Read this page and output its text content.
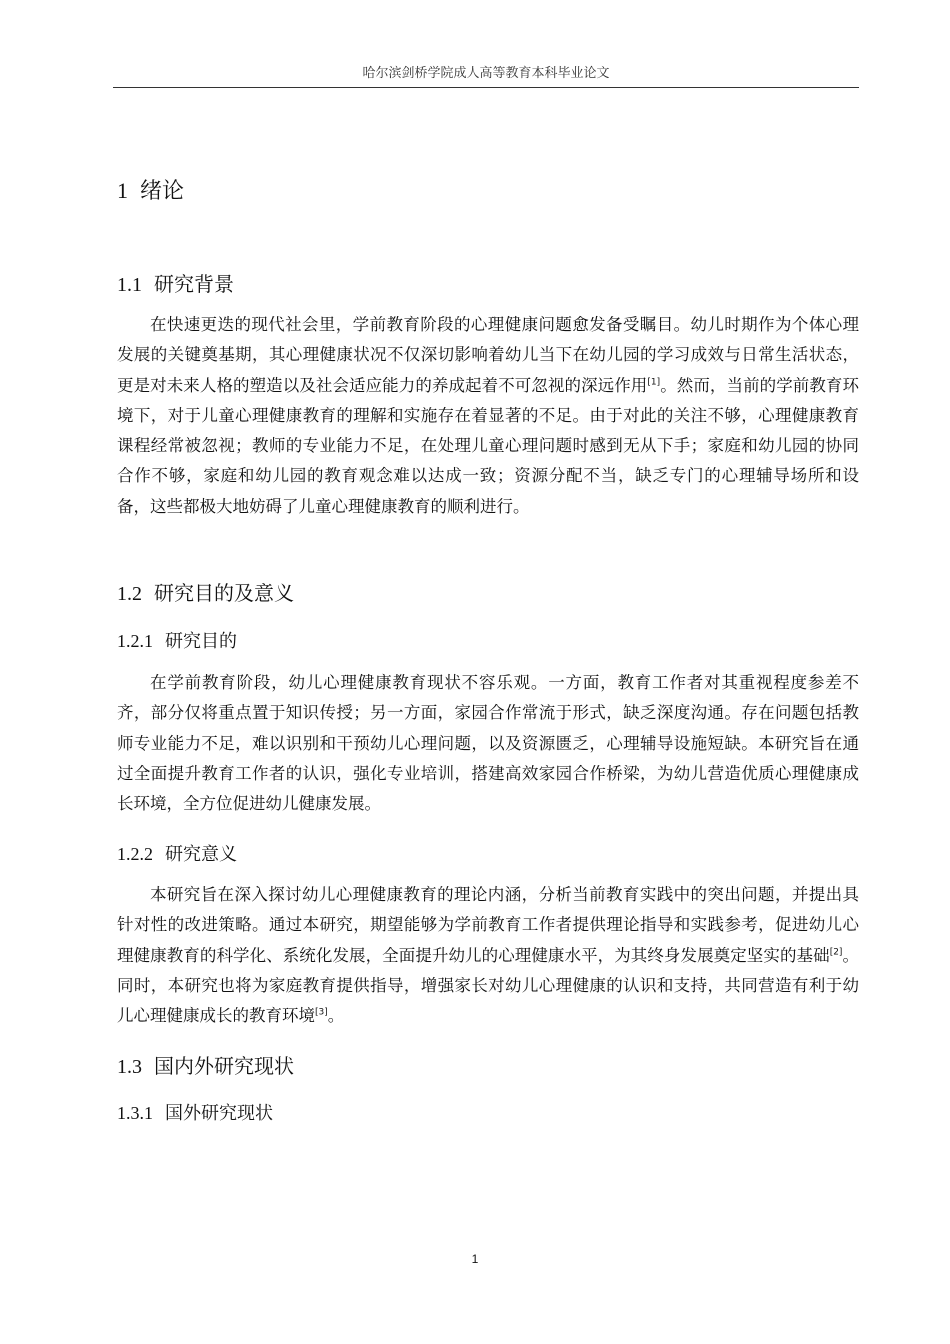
哈尔滨剑桥学院成人高等教育本科毕业论文
1 绪论
1.1 研究背景

在快速更迭的现代社会里，学前教育阶段的心理健康问题愈发备受瞩目。幼儿时期作为个体心理发展的关键奠基期，其心理健康状况不仅深切影响着幼儿当下在幼儿园的学习成效与日常生活状态，更是对未来人格的塑造以及社会适应能力的养成起着不可忽视的深远作用[1]。然而，当前的学前教育环境下，对于儿童心理健康教育的理解和实施存在着显著的不足。由于对此的关注不够，心理健康教育课程经常被忽视；教师的专业能力不足，在处理儿童心理问题时感到无从下手；家庭和幼儿园的协同合作不够，家庭和幼儿园的教育观念难以达成一致；资源分配不当，缺乏专门的心理辅导场所和设备，这些都极大地妨碍了儿童心理健康教育的顺利进行。

1.2 研究目的及意义
1.2.1 研究目的

在学前教育阶段，幼儿心理健康教育现状不容乐观。一方面，教育工作者对其重视程度参差不齐，部分仅将重点置于知识传授；另一方面，家园合作常流于形式，缺乏深度沟通。存在问题包括教师专业能力不足，难以识别和干预幼儿心理问题，以及资源匮乏，心理辅导设施短缺。本研究旨在通过全面提升教育工作者的认识，强化专业培训，搭建高效家园合作桥梁，为幼儿营造优质心理健康成长环境，全方位促进幼儿健康发展。

1.2.2 研究意义

本研究旨在深入探讨幼儿心理健康教育的理论内涵，分析当前教育实践中的突出问题，并提出具针对性的改进策略。通过本研究，期望能够为学前教育工作者提供理论指导和实践参考，促进幼儿心理健康教育的科学化、系统化发展，全面提升幼儿的心理健康水平，为其终身发展奠定坚实的基础[2]。同时，本研究也将为家庭教育提供指导，增强家长对幼儿心理健康的认识和支持，共同营造有利于幼儿心理健康成长的教育环境[3]。

1.3 国内外研究现状
1.3.1 国外研究现状
1
